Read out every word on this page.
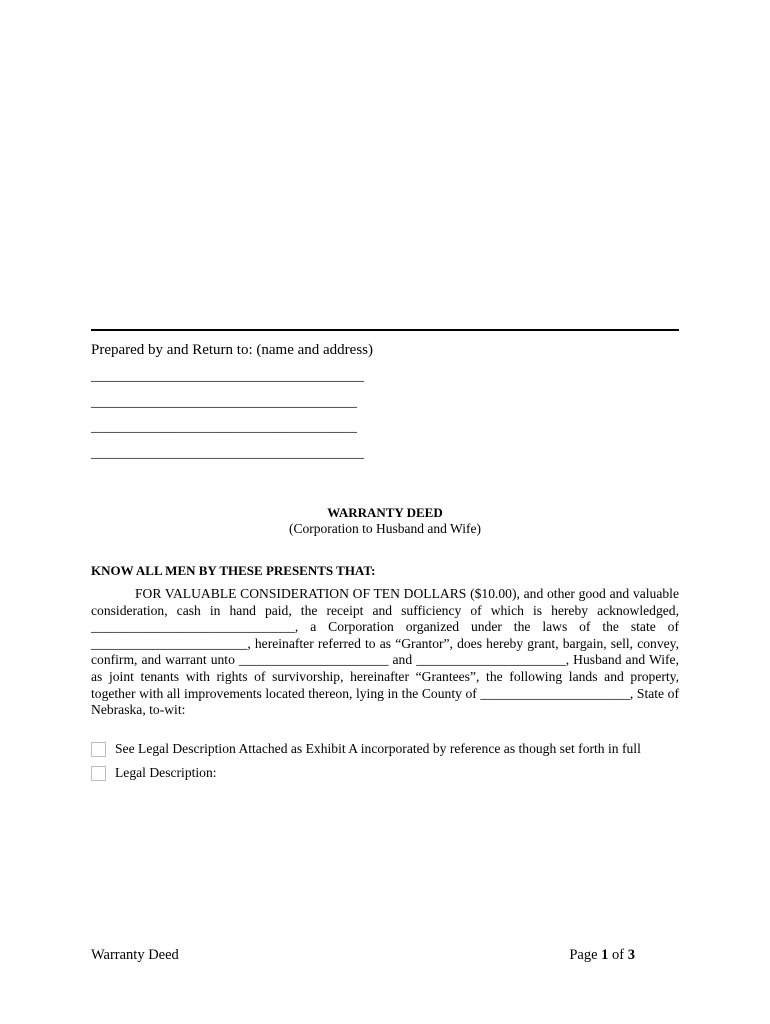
Prepared by and Return to: (name and address)
_______________________________________
______________________________________
______________________________________
_______________________________________
WARRANTY DEED
(Corporation to Husband and Wife)
KNOW ALL MEN BY THESE PRESENTS THAT:
FOR VALUABLE CONSIDERATION OF TEN DOLLARS ($10.00), and other good and valuable consideration, cash in hand paid, the receipt and sufficiency of which is hereby acknowledged, ______________________________, a Corporation organized under the laws of the state of _______________________, hereinafter referred to as “Grantor”, does hereby grant, bargain, sell, convey, confirm, and warrant unto ______________________ and ______________________, Husband and Wife, as joint tenants with rights of survivorship, hereinafter “Grantees”, the following lands and property, together with all improvements located thereon, lying in the County of ______________________, State of Nebraska, to-wit:
See Legal Description Attached as Exhibit A incorporated by reference as though set forth in full
Legal Description:
Warranty Deed	Page 1 of 3
